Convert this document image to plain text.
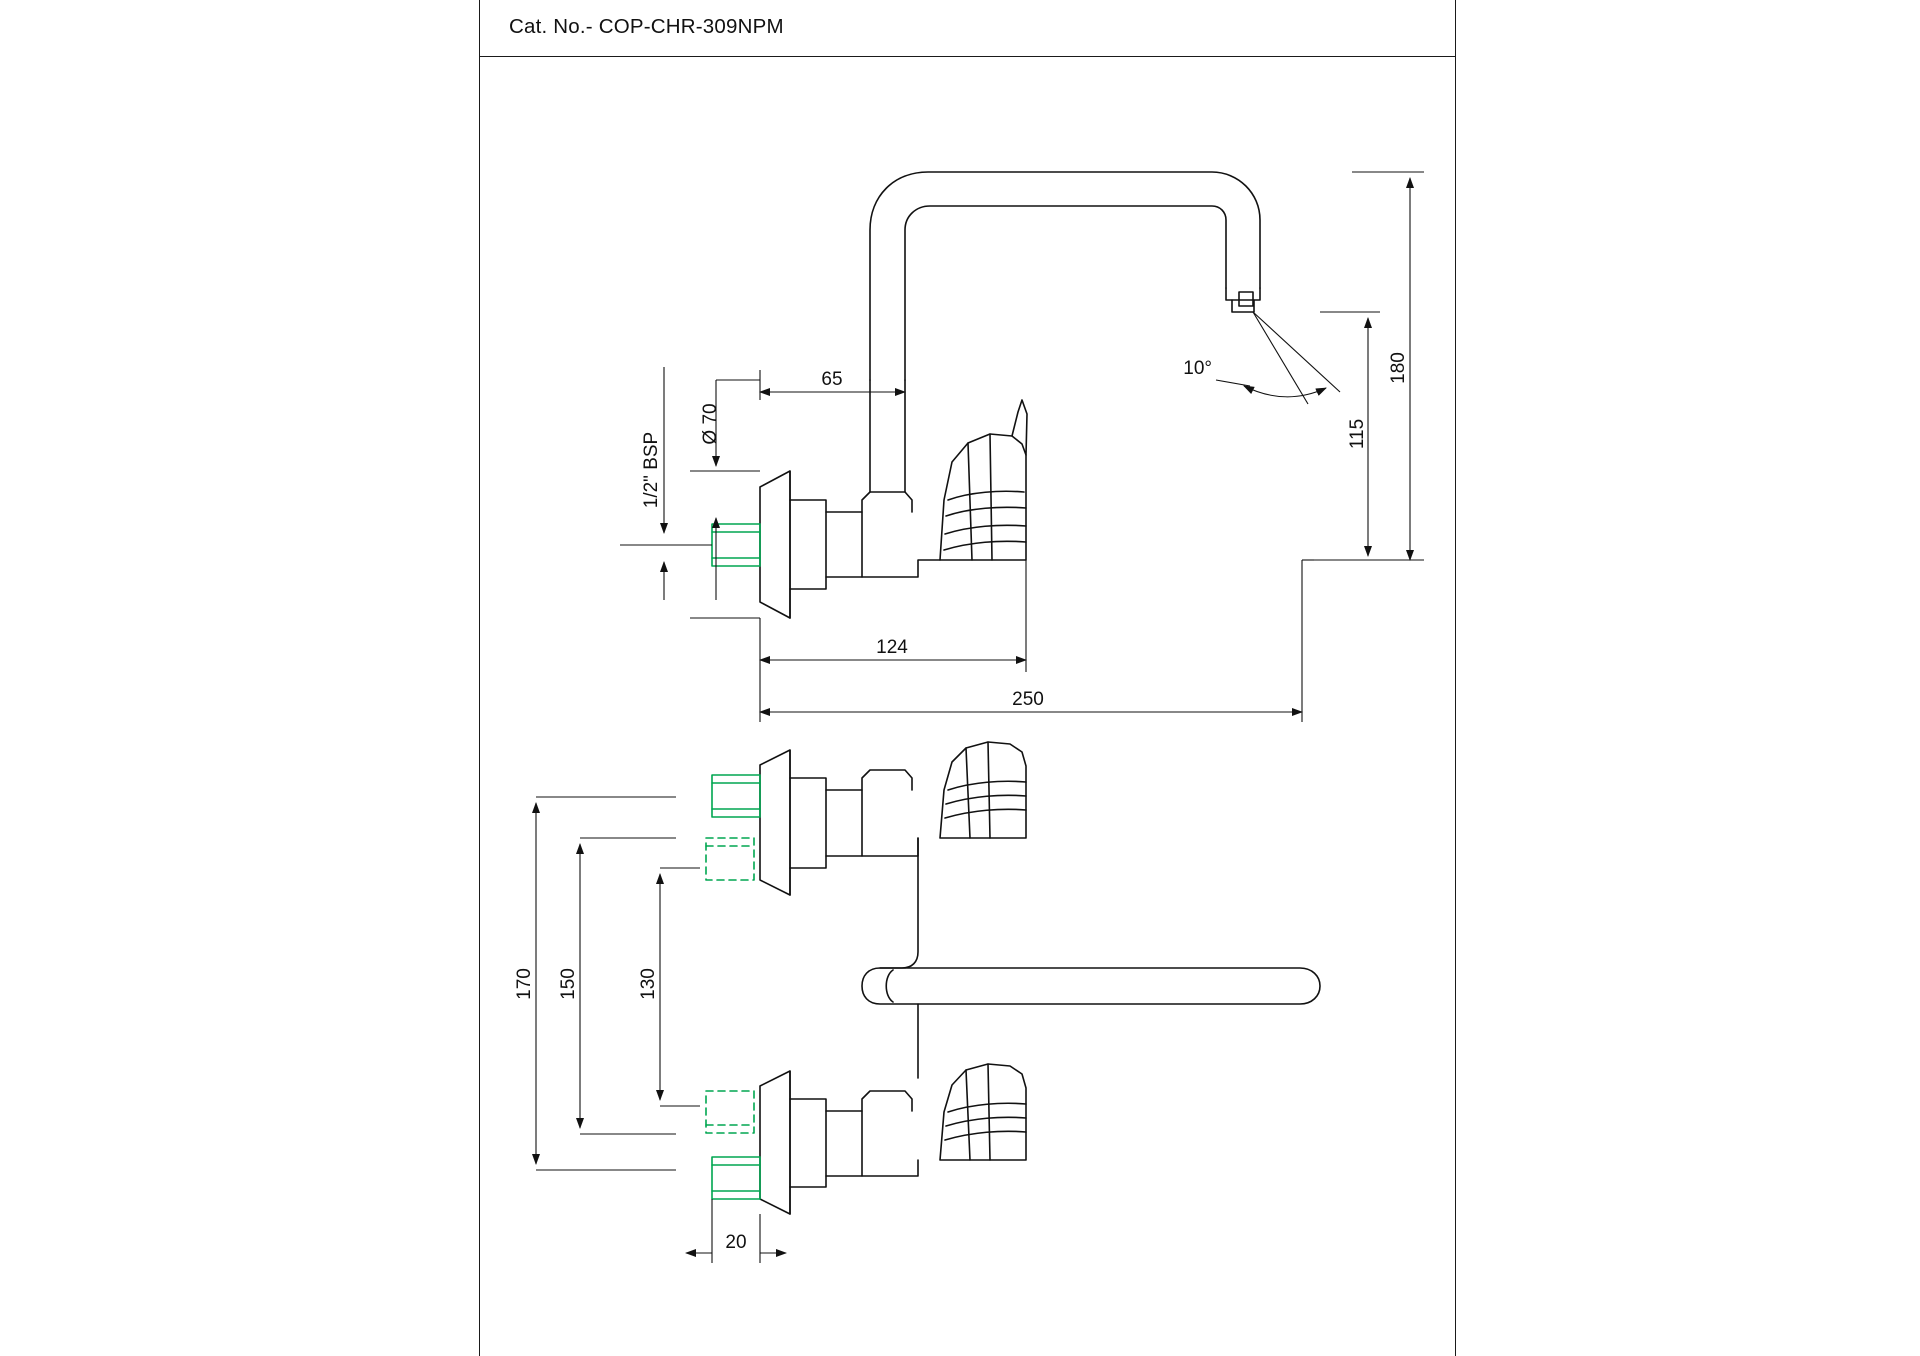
Cat. No.- COP-CHR-309NPM
1/2" BSP
Ø 70
65
124
250
180
115
10°
170 150	130
20
